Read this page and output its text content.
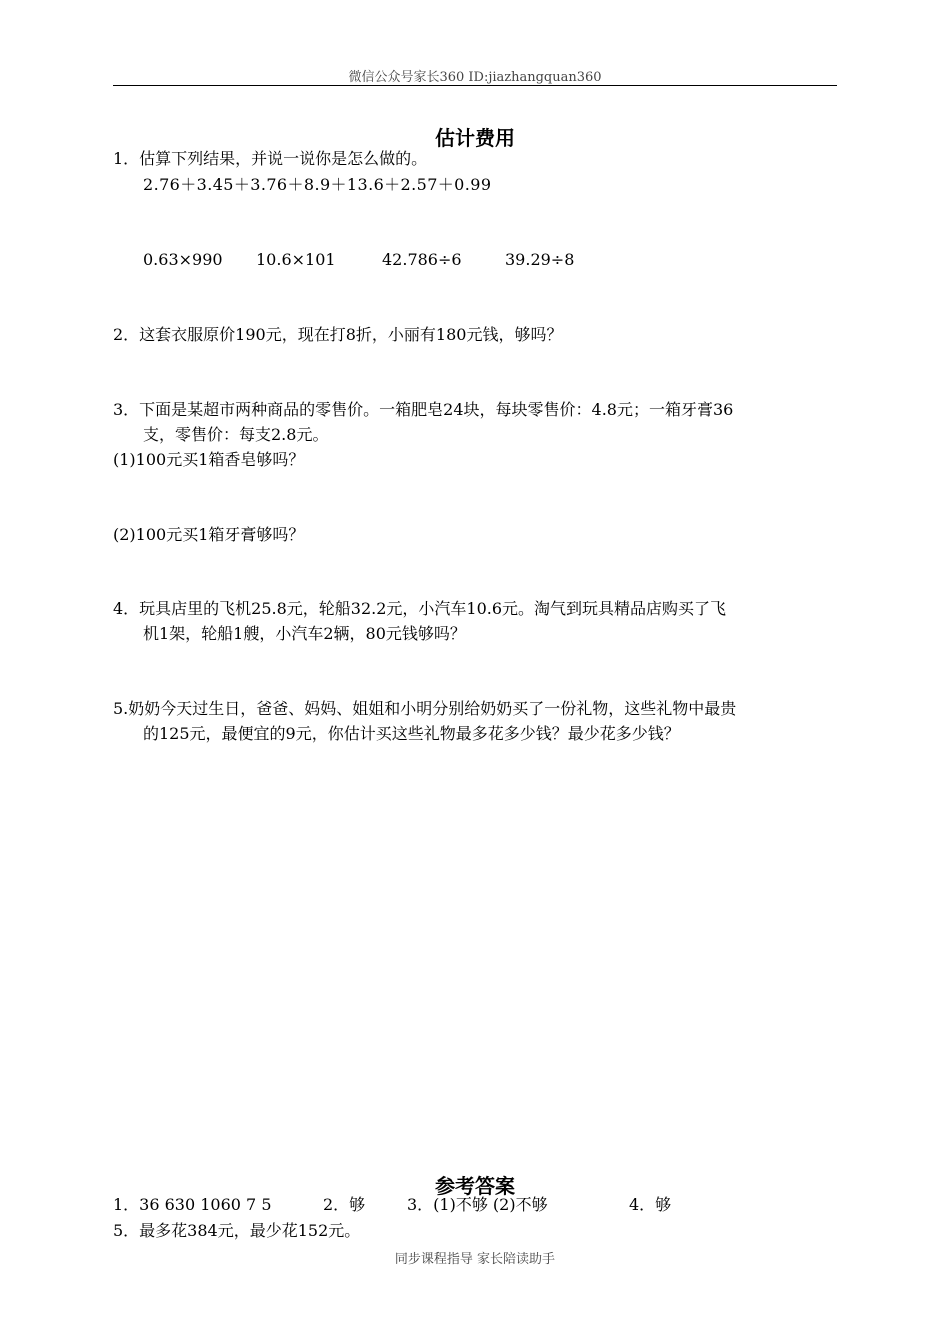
微信公众号家长360 ID:jiazhangquan360
估计费用
1．估算下列结果，并说一说你是怎么做的。
2.76＋3.45＋3.76＋8.9＋13.6＋2.57＋0.99
0.63×990 10.6×101	42.786÷6	39.29÷8
2．这套衣服原价190元，现在打8折，小丽有180元钱，够吗？
3．下面是某超市两种商品的零售价。一箱肥皂24块，每块零售价：4.8元；一箱牙膏36
支，零售价：每支2.8元。
(1)100元买1箱香皂够吗？
(2)100元买1箱牙膏够吗？
4．玩具店里的飞机25.8元，轮船32.2元，小汽车10.6元。淘气到玩具精品店购买了飞
机1架，轮船1艘，小汽车2辆，80元钱够吗？
5.奶奶今天过生日，爸爸、妈妈、姐姐和小明分别给奶奶买了一份礼物，这些礼物中最贵
的125元，最便宜的9元，你估计买这些礼物最多花多少钱？最少花多少钱？
参考答案
1．36 630 1060 7 5	2．够	3．(1)不够 (2)不够	4．够
5．最多花384元，最少花152元。
同步课程指导 家长陪读助手
